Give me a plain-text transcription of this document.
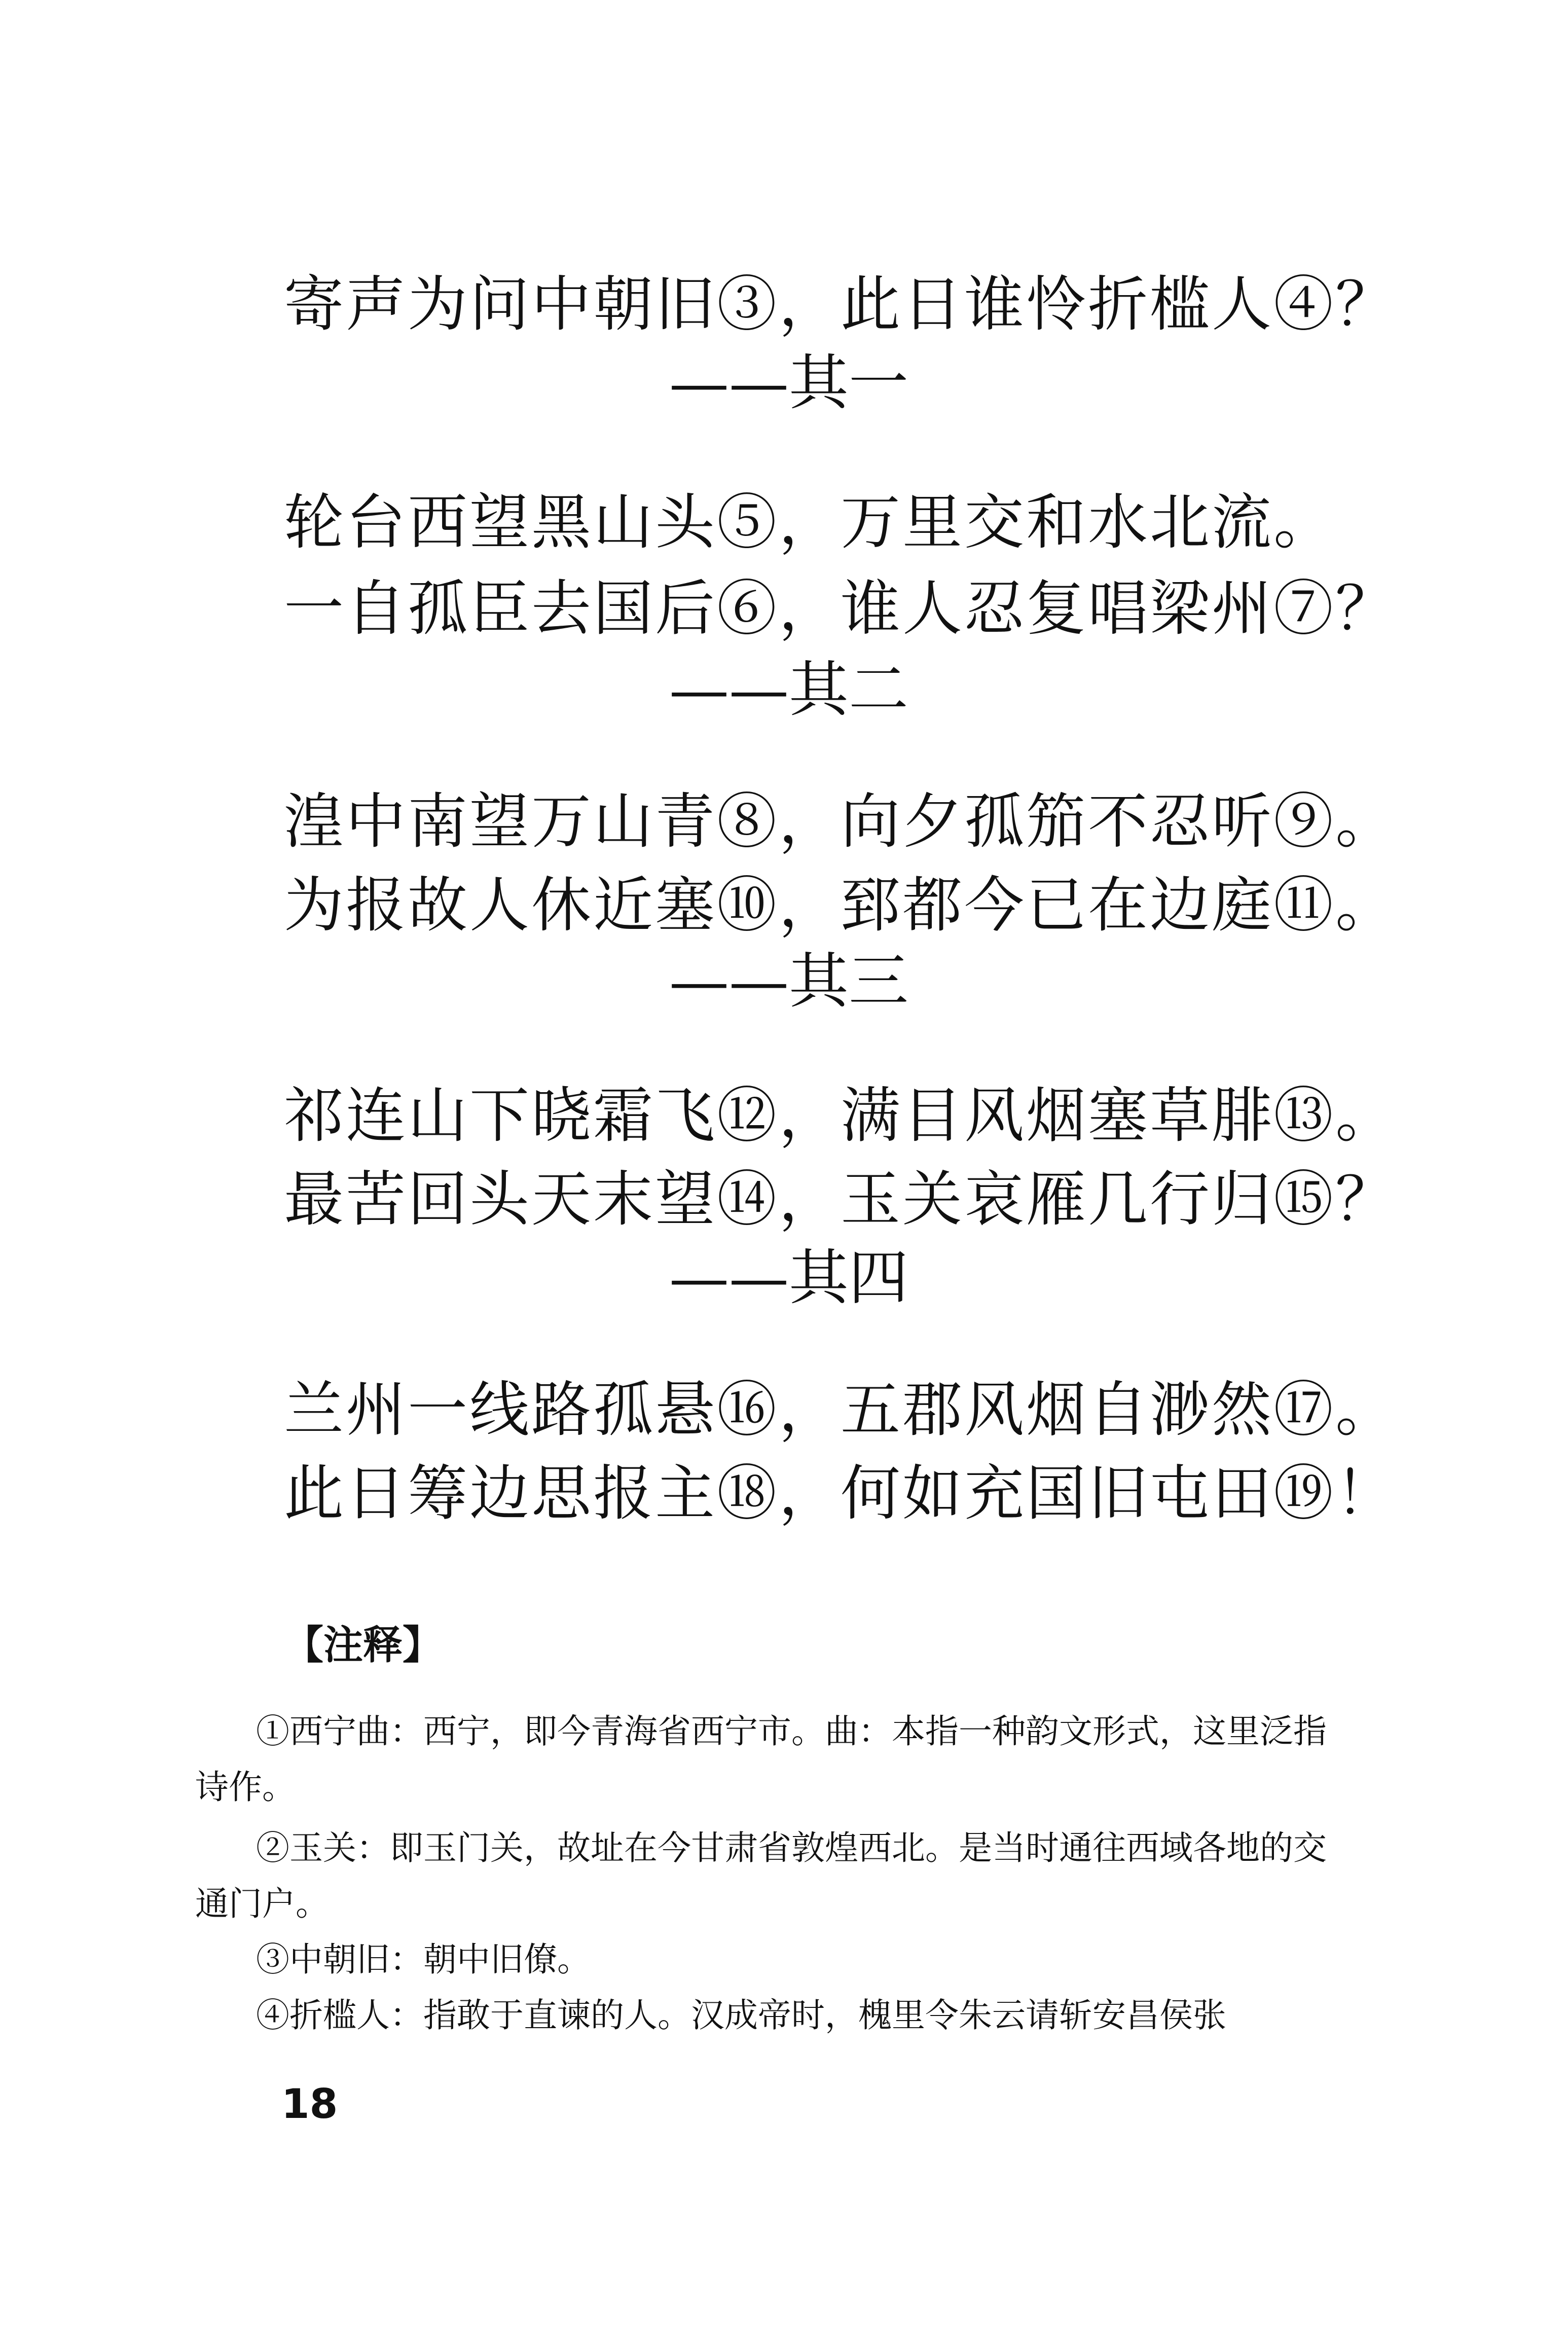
寄声为问中朝旧③，此日谁怜折槛人④？
——其一
轮台西望黑山头⑤，万里交和水北流。
一自孤臣去国后⑥，谁人忍复唱梁州⑦？
——其二
湟中南望万山青⑧，向夕孤笳不忍听⑨。
为报故人休近塞⑩，郅都今已在边庭⑪。
——其三
祁连山下晓霜飞⑫，满目风烟塞草腓⑬。
最苦回头天末望⑭，玉关哀雁几行归⑮？
——其四
兰州一线路孤悬⑯，五郡风烟自渺然⑰。
此日筹边思报主⑱，何如充国旧屯田⑲！
【注释】
①西宁曲：西宁，即今青海省西宁市。曲：本指一种韵文形式，这里泛指诗作。
②玉关：即玉门关，故址在今甘肃省敦煌西北。是当时通往西域各地的交通门户。
③中朝旧：朝中旧僚。
④折槛人：指敢于直谏的人。汉成帝时，槐里令朱云请斩安昌侯张
18
